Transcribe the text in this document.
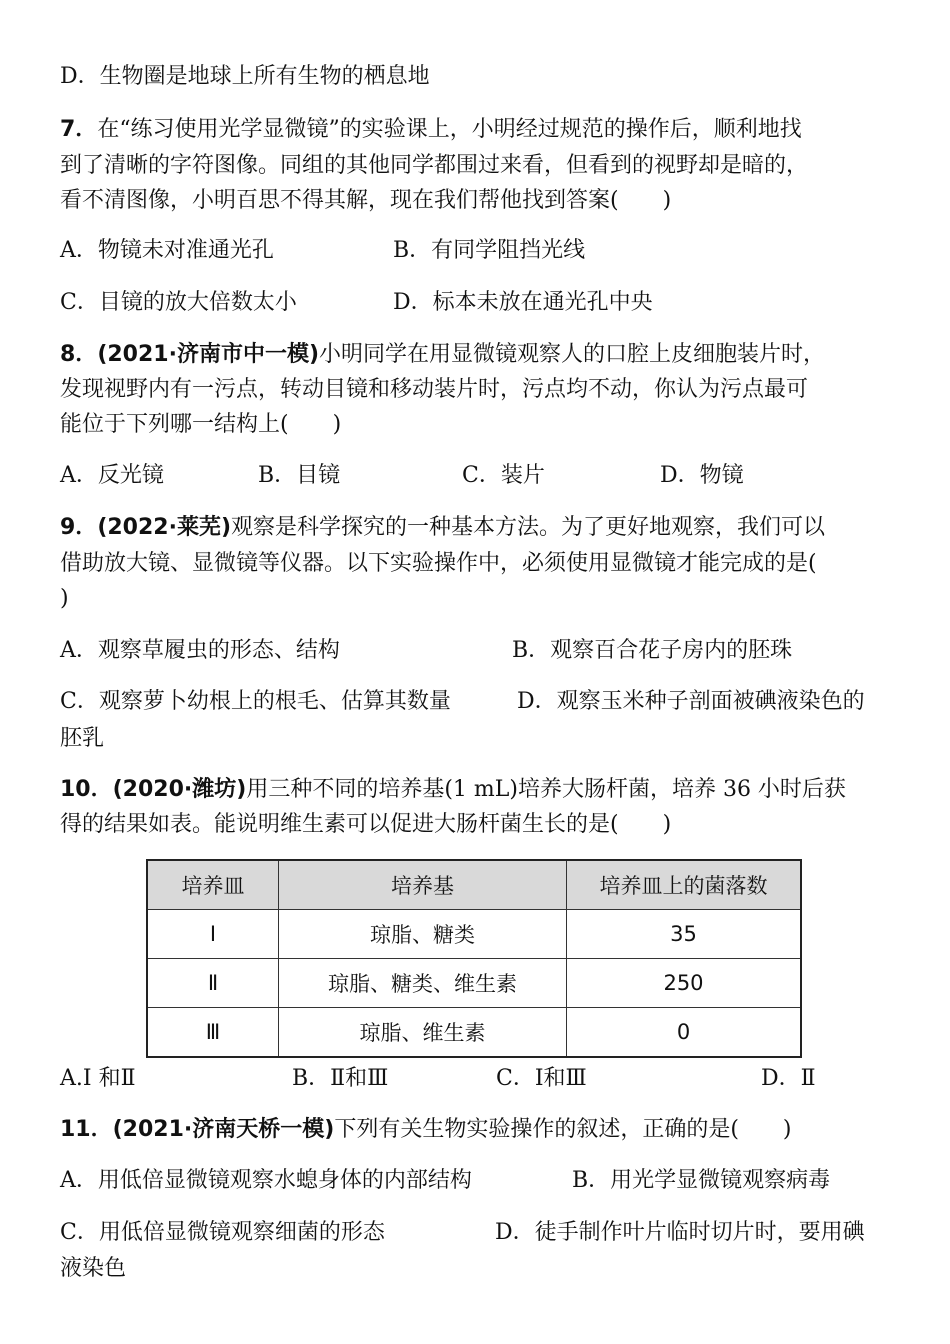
D．生物圈是地球上所有生物的栖息地
7．在“练习使用光学显微镜”的实验课上，小明经过规范的操作后，顺利地找
到了清晰的字符图像。同组的其他同学都围过来看，但看到的视野却是暗的，
看不清图像，小明百思不得其解，现在我们帮他找到答案(　　)
A．物镜未对准通光孔	B．有同学阻挡光线
C．目镜的放大倍数太小	D．标本未放在通光孔中央
8．(2021·济南市中一模)小明同学在用显微镜观察人的口腔上皮细胞装片时，
发现视野内有一污点，转动目镜和移动装片时，污点均不动，你认为污点最可
能位于下列哪一结构上(　　)
A．反光镜	B．目镜	C．装片	D．物镜
9．(2022·莱芜)观察是科学探究的一种基本方法。为了更好地观察，我们可以
借助放大镜、显微镜等仪器。以下实验操作中，必须使用显微镜才能完成的是(
)
A．观察草履虫的形态、结构	B．观察百合花子房内的胚珠
C．观察萝卜幼根上的根毛、估算其数量	D．观察玉米种子剖面被碘液染色的
胚乳
10．(2020·潍坊)用三种不同的培养基(1 mL)培养大肠杆菌，培养 36 小时后获
得的结果如表。能说明维生素可以促进大肠杆菌生长的是(　　)
培养皿	培养基	培养皿上的菌落数
Ⅰ	琼脂、糖类	35
Ⅱ	琼脂、糖类、维生素	250
Ⅲ	琼脂、维生素	0
A.Ⅰ 和Ⅱ	B．Ⅱ和Ⅲ	C．Ⅰ和Ⅲ	D．Ⅱ
11．(2021·济南天桥一模)下列有关生物实验操作的叙述，正确的是(　　)
A．用低倍显微镜观察水螅身体的内部结构	B．用光学显微镜观察病毒
C．用低倍显微镜观察细菌的形态	D．徒手制作叶片临时切片时，要用碘
液染色
